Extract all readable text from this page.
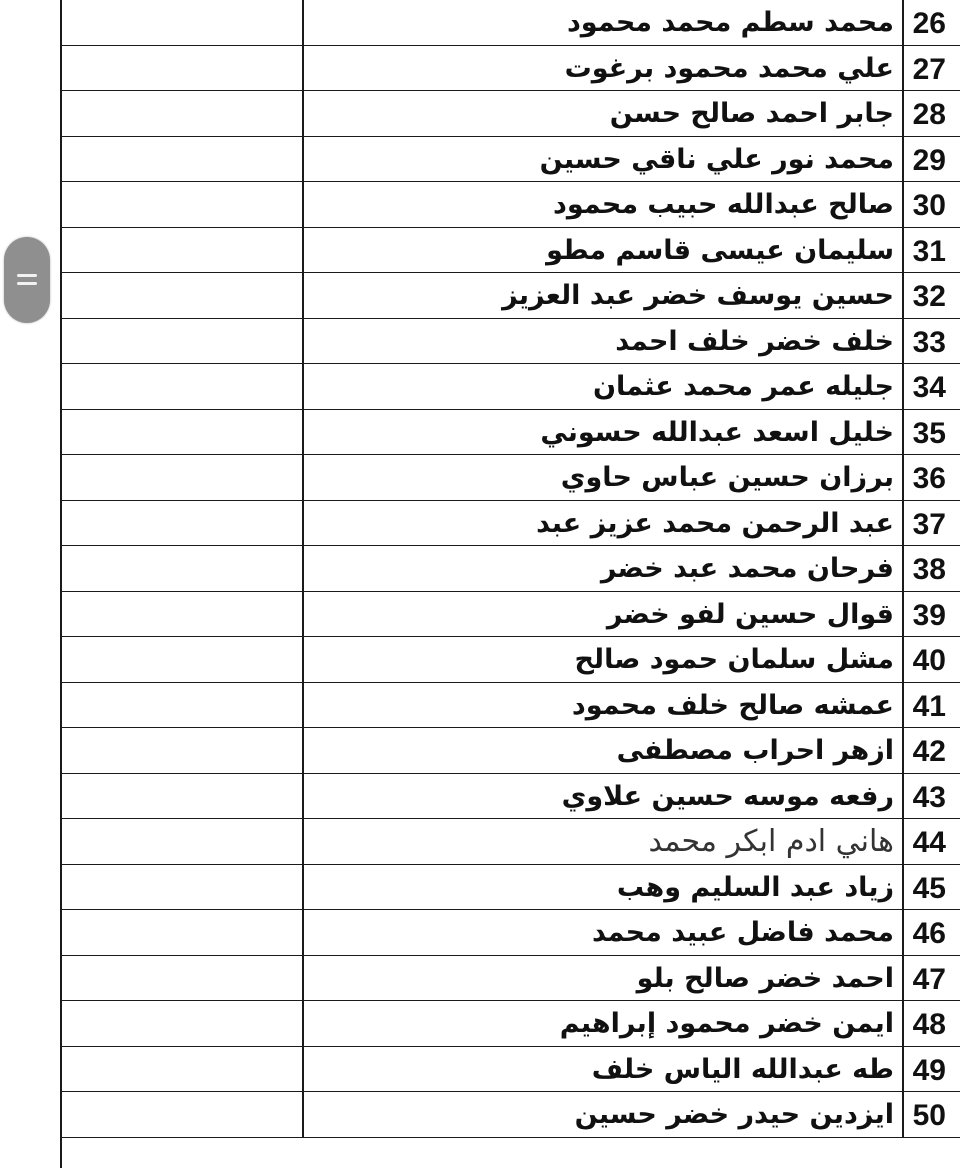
محمد سطم محمد محمود 26
علي محمد محمود برغوت 27
جابر احمد صالح حسن 28
محمد نور علي ناقي حسين 29
صالح عبدالله حبيب محمود 30
سليمان عيسى قاسم مطو 31
حسين يوسف خضر عبد العزيز 32
خلف خضر خلف احمد 33
جليله عمر محمد عثمان 34
خليل اسعد عبدالله حسوني 35
برزان حسين عباس حاوي 36
عبد الرحمن محمد عزيز عبد 37
فرحان محمد عبد خضر 38
قوال حسين لفو خضر 39
مشل سلمان حمود صالح 40
عمشه صالح خلف محمود 41
ازهر احراب مصطفى 42
رفعه موسه حسين علاوي 43
هاني ادم ابكر محمد 44
زياد عبد السليم وهب 45
محمد فاضل عبيد محمد 46
احمد خضر صالح بلو 47
ايمن خضر محمود إبراهيم 48
طه عبدالله الياس خلف 49
ايزدين حيدر خضر حسين 50
